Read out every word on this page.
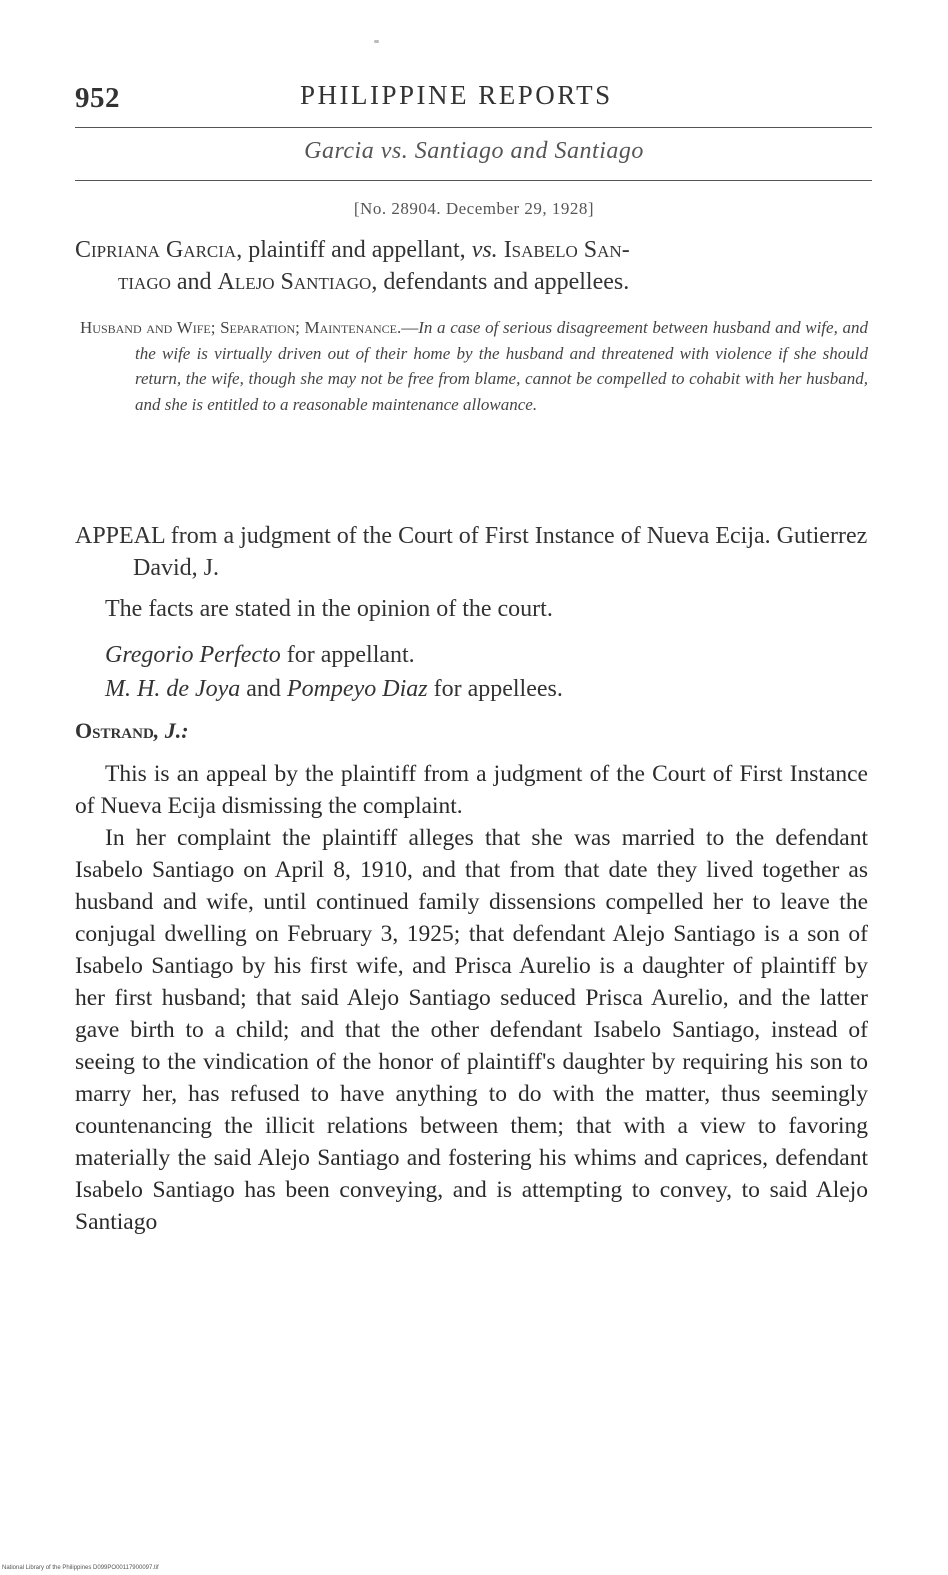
952	PHILIPPINE REPORTS
Garcia vs. Santiago and Santiago
[No. 28904. December 29, 1928]
Cipriana Garcia, plaintiff and appellant, vs. Isabelo San-
tiago and Alejo Santiago, defendants and appellees.

Husband and Wife; Separation; Maintenance.—In a case of serious disagreement between husband and wife, and the wife is virtually driven out of their home by the husband and threatened with violence if she should return, the wife, though she may not be free from blame, cannot be compelled to cohabit with her husband, and she is entitled to a reasonable maintenance allowance.

APPEAL from a judgment of the Court of First Instance of Nueva Ecija. Gutierrez David, J.

The facts are stated in the opinion of the court.
Gregorio Perfecto for appellant.
M. H. de Joya and Pompeyo Diaz for appellees.
Ostrand, J.:

This is an appeal by the plaintiff from a judgment of the Court of First Instance of Nueva Ecija dismissing the complaint.

In her complaint the plaintiff alleges that she was married to the defendant Isabelo Santiago on April 8, 1910, and that from that date they lived together as husband and wife, until continued family dissensions compelled her to leave the conjugal dwelling on February 3, 1925; that defendant Alejo Santiago is a son of Isabelo Santiago by his first wife, and Prisca Aurelio is a daughter of plaintiff by her first husband; that said Alejo Santiago seduced Prisca Aurelio, and the latter gave birth to a child; and that the other defendant Isabelo Santiago, instead of seeing to the vindication of the honor of plaintiff's daughter by requiring his son to marry her, has refused to have anything to do with the matter, thus seemingly countenancing the illicit relations between them; that with a view to favoring materially the said Alejo Santiago and fostering his whims and caprices, defendant Isabelo Santiago has been conveying, and is attempting to convey, to said Alejo Santiago

National Library of the Philippines D099PO00117900097.tif
